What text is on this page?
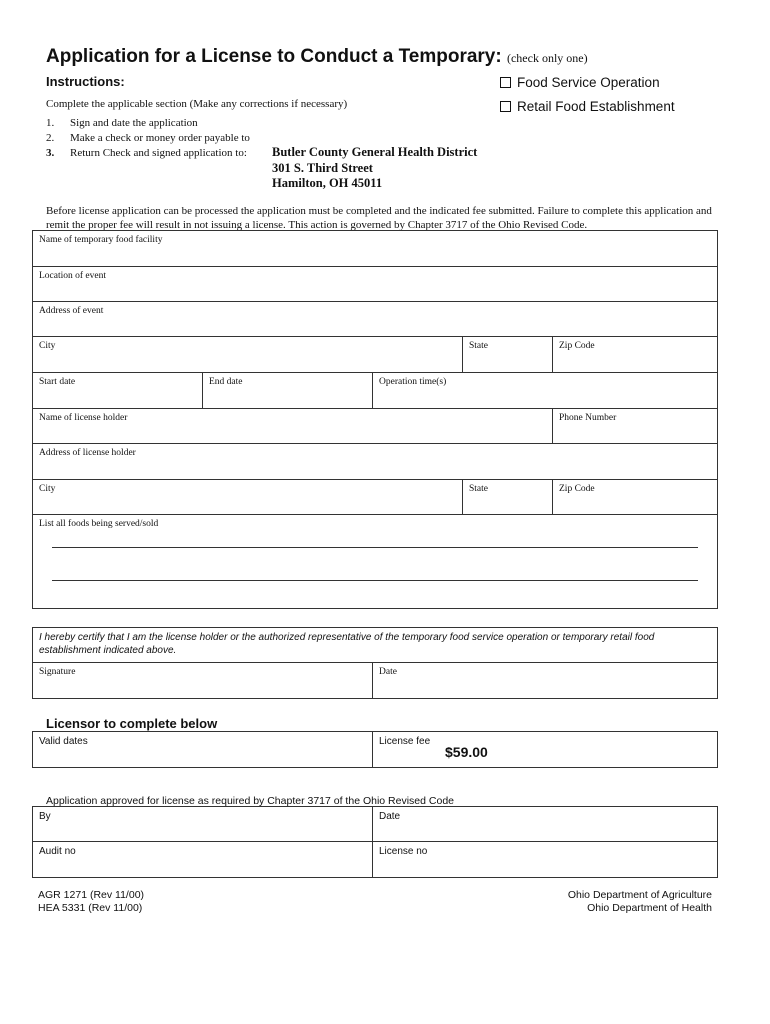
Application for a License to Conduct a Temporary: (check only one)
Instructions:	Food Service Operation
Retail Food Establishment
Complete the applicable section (Make any corrections if necessary)
1. Sign and date the application
2. Make a check or money order payable to
3. Return Check and signed application to:	Butler County General Health District
301 S. Third Street
Hamilton, OH 45011
Before license application can be processed the application must be completed and the indicated fee submitted. Failure to complete this application and remit the proper fee will result in not issuing a license. This action is governed by Chapter 3717 of the Ohio Revised Code.
Name of temporary food facility
Location of event
Address of event
City	State	Zip Code
Start date	End date	Operation time(s)
Name of license holder	Phone Number
Address of license holder
City	State	Zip Code
List all foods being served/sold
I hereby certify that I am the license holder or the authorized representative of the temporary food service operation or temporary retail food establishment indicated above.
Signature	Date
Licensor to complete below
Valid dates	License fee
$59.00
Application approved for license as required by Chapter 3717 of the Ohio Revised Code
By	Date
Audit no	License no
AGR 1271 (Rev 11/00)
HEA 5331 (Rev 11/00)
Ohio Department of Agriculture
Ohio Department of Health
